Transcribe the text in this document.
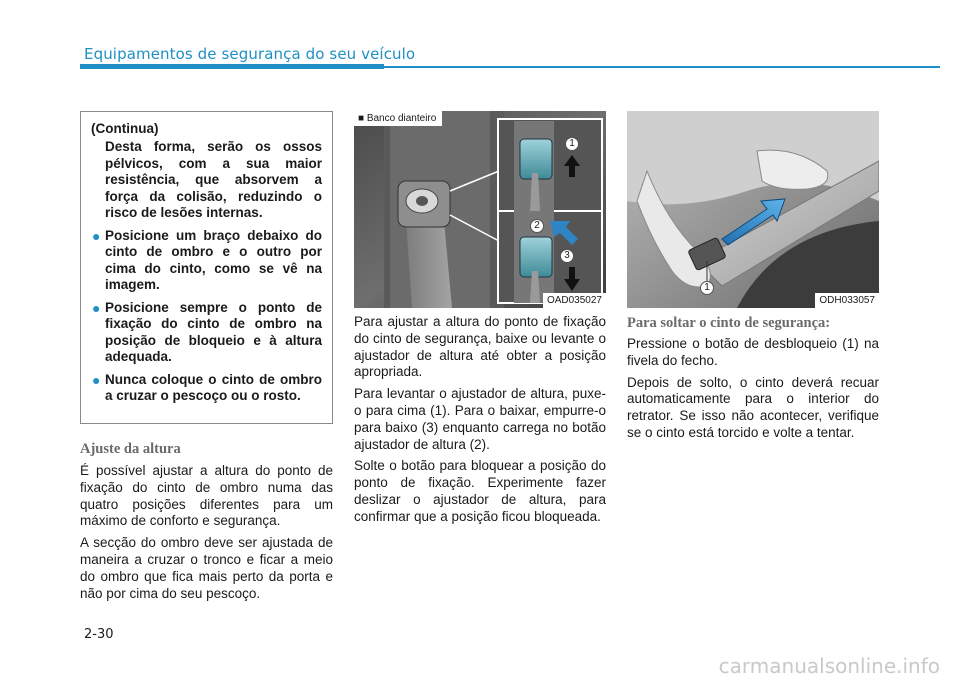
Equipamentos de segurança do seu veículo
(Continua)
Desta forma, serão os ossos pélvicos, com a sua maior resistência, que absorvem a força da colisão, reduzindo o risco de lesões internas.
● Posicione um braço debaixo do cinto de ombro e o outro por cima do cinto, como se vê na imagem.
● Posicione sempre o ponto de fixação do cinto de ombro na posição de bloqueio e à altura adequada.
● Nunca coloque o cinto de ombro a cruzar o pescoço ou o rosto.
Ajuste da altura

É possível ajustar a altura do ponto de fixação do cinto de ombro numa das quatro posições diferentes para um máximo de conforto e segurança.

A secção do ombro deve ser ajustada de maneira a cruzar o tronco e ficar a meio do ombro que fica mais perto da porta e não por cima do seu pescoço.

■ Banco dianteiro
1
2
3
OAD035027

Para ajustar a altura do ponto de fixação do cinto de segurança, baixe ou levante o ajustador de altura até obter a posição apropriada.

Para levantar o ajustador de altura, puxe-o para cima (1). Para o baixar, empurre-o para baixo (3) enquanto carrega no botão ajustador de altura (2).

Solte o botão para bloquear a posição do ponto de fixação. Experimente fazer deslizar o ajustador de altura, para confirmar que a posição ficou bloqueada.

1
ODH033057
Para soltar o cinto de segurança:

Pressione o botão de desbloqueio (1) na fivela do fecho.

Depois de solto, o cinto deverá recuar automaticamente para o interior do retrator. Se isso não acontecer, verifique se o cinto está torcido e volte a tentar.

2-30
carmanualsonline.info
